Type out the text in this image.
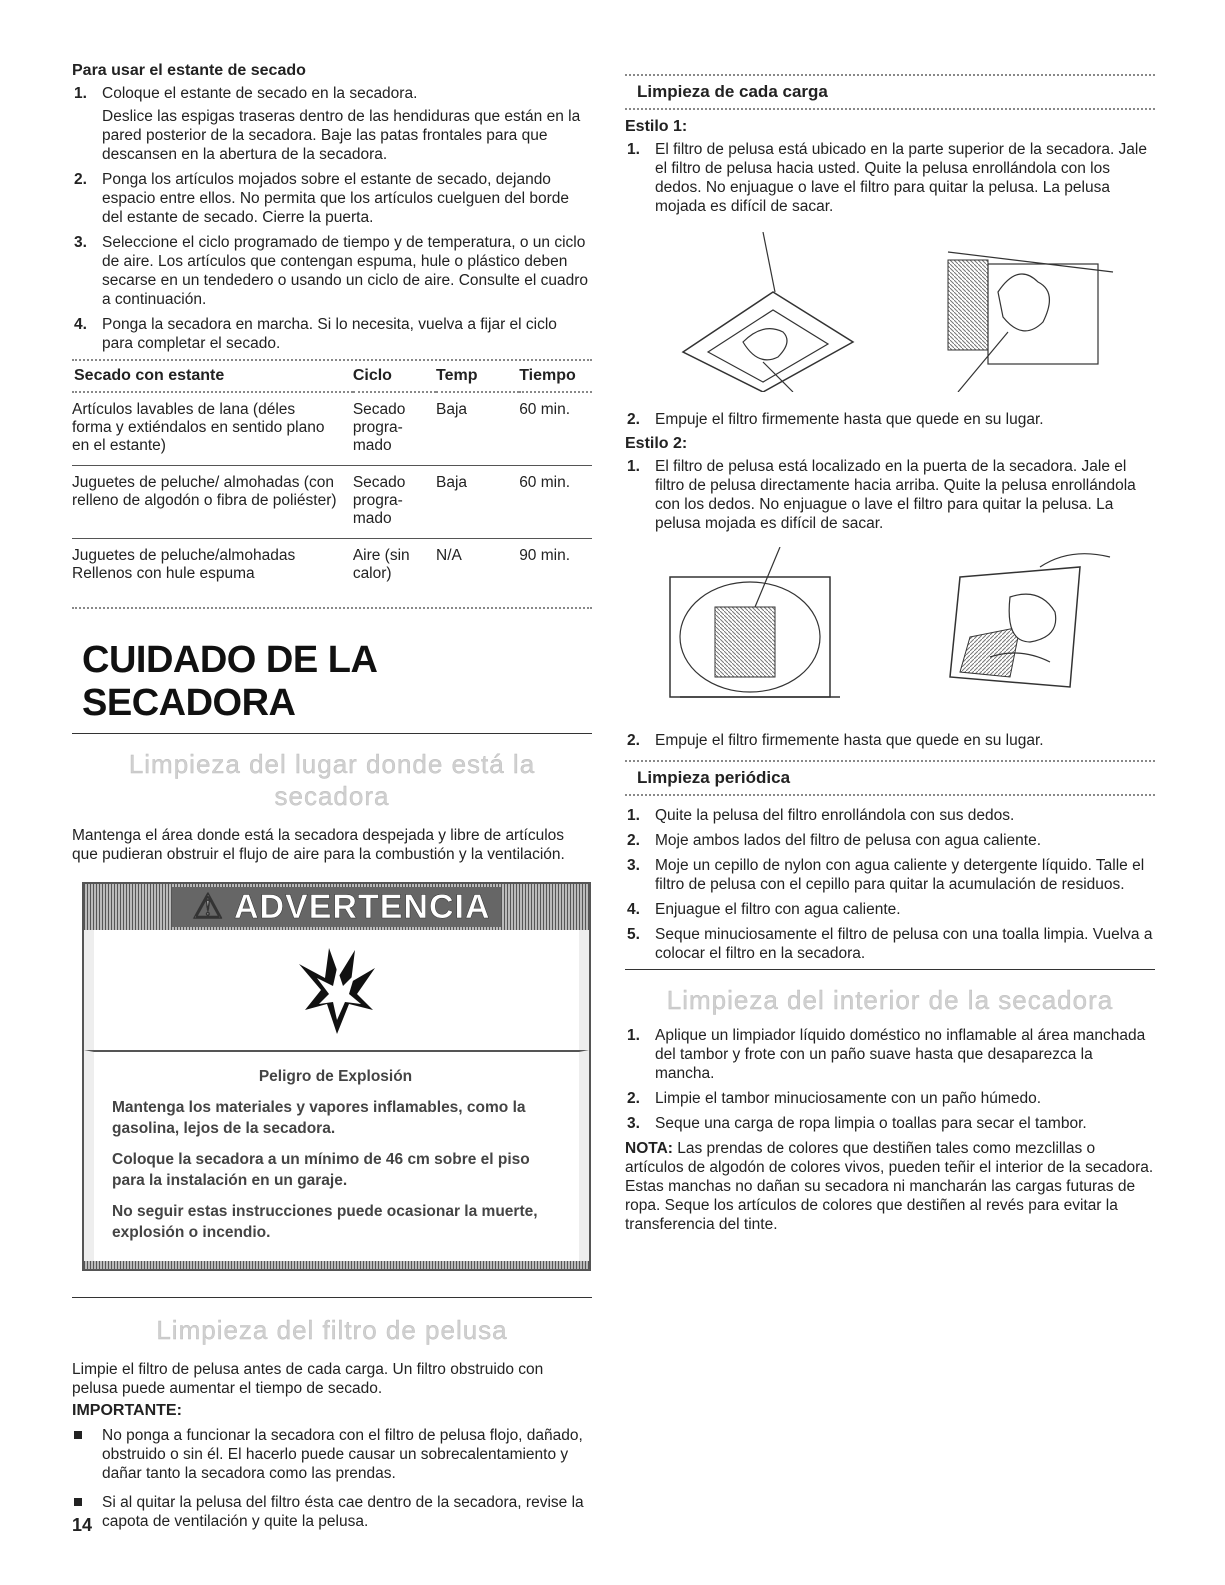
Para usar el estante de secado
1. Coloque el estante de secado en la secadora.
Deslice las espigas traseras dentro de las hendiduras que están en la pared posterior de la secadora. Baje las patas frontales para que descansen en la abertura de la secadora.
2. Ponga los artículos mojados sobre el estante de secado, dejando espacio entre ellos. No permita que los artículos cuelguen del borde del estante de secado. Cierre la puerta.
3. Seleccione el ciclo programado de tiempo y de temperatura, o un ciclo de aire. Los artículos que contengan espuma, hule o plástico deben secarse en un tendedero o usando un ciclo de aire. Consulte el cuadro a continuación.
4. Ponga la secadora en marcha. Si lo necesita, vuelva a fijar el ciclo para completar el secado.
Secado con estante	Ciclo	Temp	Tiempo
Artículos lavables de lana (déles forma y extiéndalos en sentido plano en el estante)	Secado progra-mado	Baja	60 min.
Juguetes de peluche/ almohadas (con relleno de algodón o fibra de poliéster)	Secado progra-mado	Baja	60 min.
Juguetes de peluche/almohadas Rellenos con hule espuma	Aire (sin calor)	N/A	90 min.
CUIDADO DE LA SECADORA
Limpieza del lugar donde está la secadora

Mantenga el área donde está la secadora despejada y libre de artículos que pudieran obstruir el flujo de aire para la combustión y la ventilación.

⚠ ADVERTENCIA
Peligro de Explosión

Mantenga los materiales y vapores inflamables, como la gasolina, lejos de la secadora.

Coloque la secadora a un mínimo de 46 cm sobre el piso para la instalación en un garaje.

No seguir estas instrucciones puede ocasionar la muerte, explosión o incendio.

Limpieza del filtro de pelusa

Limpie el filtro de pelusa antes de cada carga. Un filtro obstruido con pelusa puede aumentar el tiempo de secado.

IMPORTANTE:
No ponga a funcionar la secadora con el filtro de pelusa flojo, dañado, obstruido o sin él. El hacerlo puede causar un sobrecalentamiento y dañar tanto la secadora como las prendas.
Si al quitar la pelusa del filtro ésta cae dentro de la secadora, revise la capota de ventilación y quite la pelusa.
Limpieza de cada carga
Estilo 1:
1. El filtro de pelusa está ubicado en la parte superior de la secadora. Jale el filtro de pelusa hacia usted. Quite la pelusa enrollándola con los dedos. No enjuague o lave el filtro para quitar la pelusa. La pelusa mojada es difícil de sacar.
2. Empuje el filtro firmemente hasta que quede en su lugar.
Estilo 2:
1. El filtro de pelusa está localizado en la puerta de la secadora. Jale el filtro de pelusa directamente hacia arriba. Quite la pelusa enrollándola con los dedos. No enjuague o lave el filtro para quitar la pelusa. La pelusa mojada es difícil de sacar.
2. Empuje el filtro firmemente hasta que quede en su lugar.
Limpieza periódica
1. Quite la pelusa del filtro enrollándola con sus dedos.
2. Moje ambos lados del filtro de pelusa con agua caliente.
3. Moje un cepillo de nylon con agua caliente y detergente líquido. Talle el filtro de pelusa con el cepillo para quitar la acumulación de residuos.
4. Enjuague el filtro con agua caliente.
5. Seque minuciosamente el filtro de pelusa con una toalla limpia. Vuelva a colocar el filtro en la secadora.
Limpieza del interior de la secadora
1. Aplique un limpiador líquido doméstico no inflamable al área manchada del tambor y frote con un paño suave hasta que desaparezca la mancha.
2. Limpie el tambor minuciosamente con un paño húmedo.
3. Seque una carga de ropa limpia o toallas para secar el tambor.

NOTA: Las prendas de colores que destiñen tales como mezclillas o artículos de algodón de colores vivos, pueden teñir el interior de la secadora. Estas manchas no dañan su secadora ni mancharán las cargas futuras de ropa. Seque los artículos de colores que destiñen al revés para evitar la transferencia del tinte.

14
